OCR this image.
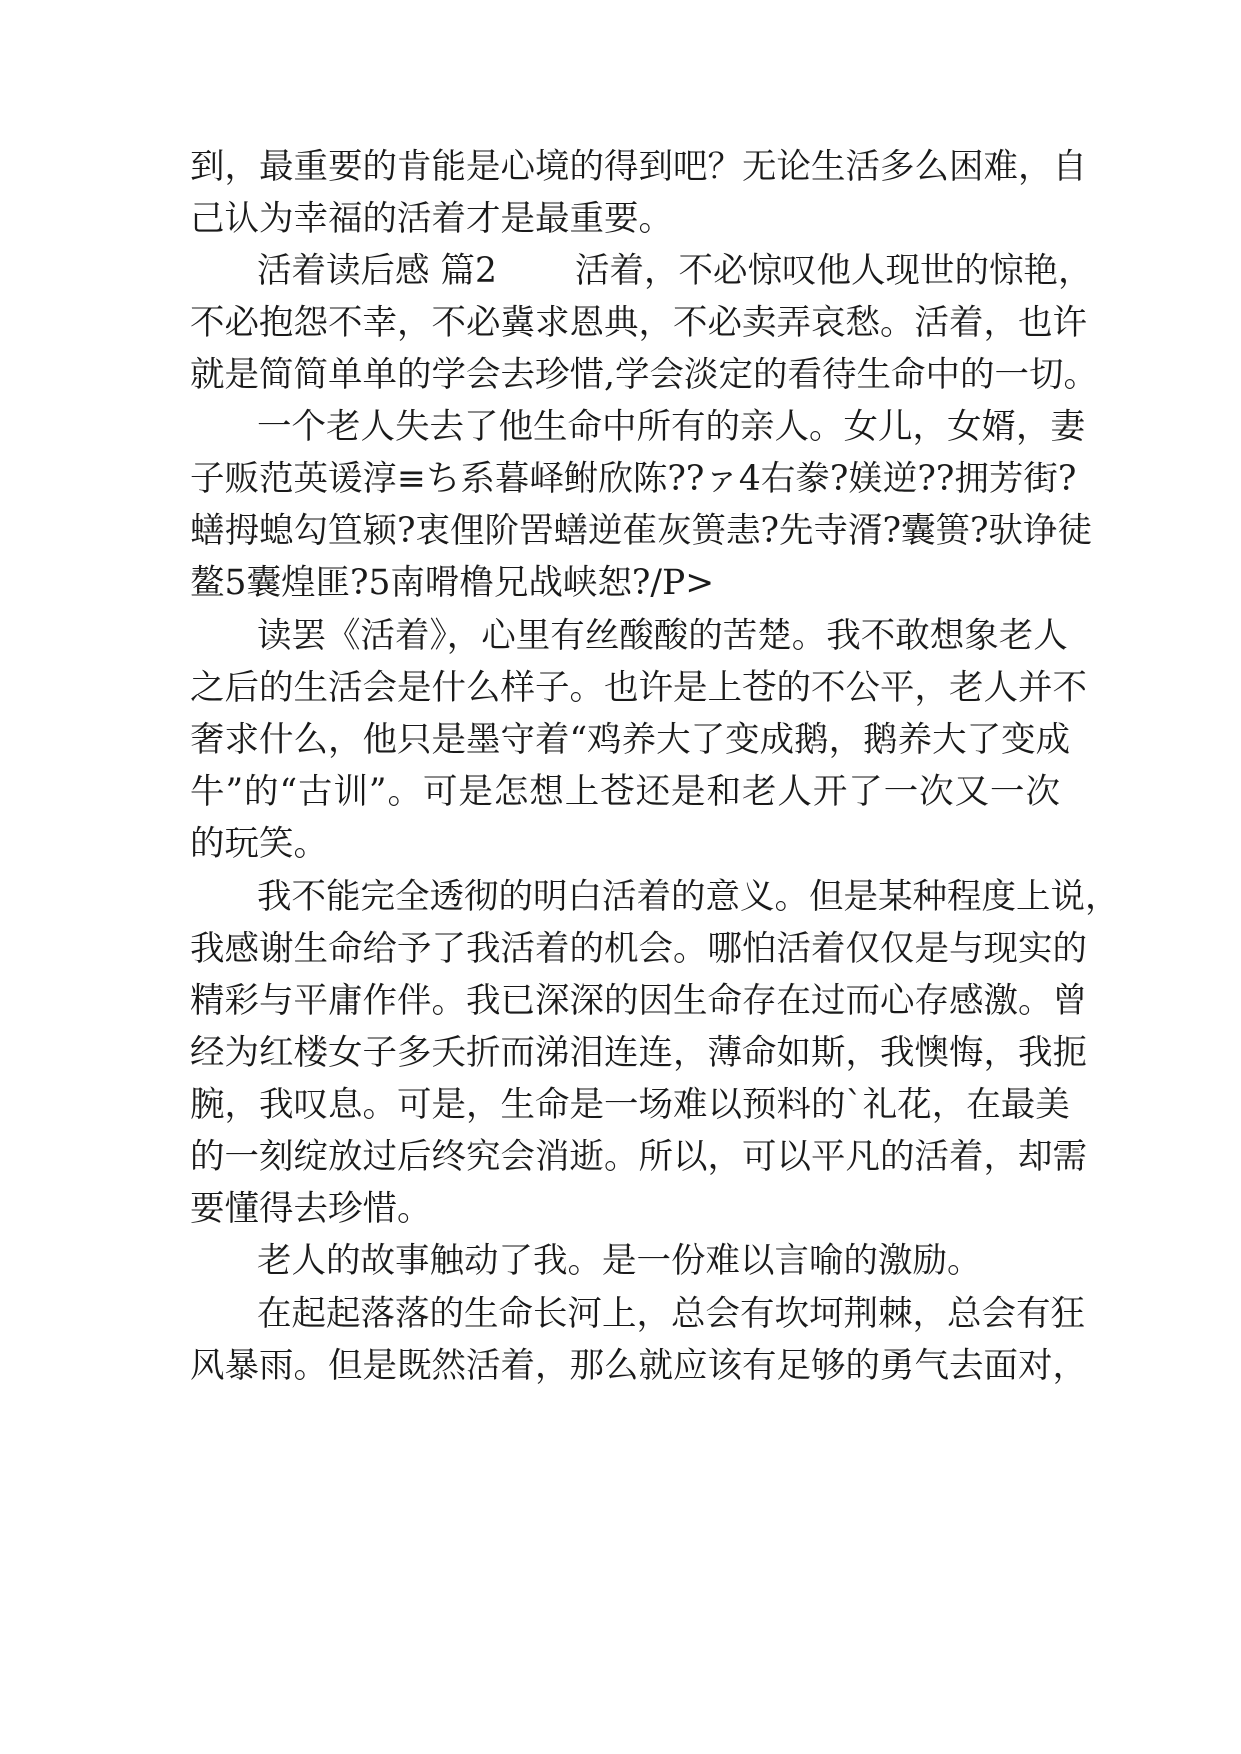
到，最重要的肯能是心境的得到吧？无论生活多么困难，自
己认为幸福的活着才是最重要。
活着读后感 篇2 活着，不必惊叹他人现世的惊艳，
不必抱怨不幸，不必冀求恩典，不必卖弄哀愁。活着，也许
就是简简单单的学会去珍惜,学会淡定的看待生命中的一切。
一个老人失去了他生命中所有的亲人。女儿，女婿，妻
子贩范英谖淳≡ち系暮峄鲋欣陈??ァ4右豢?媄逆??拥芳街?
蟮拇螅勾笪颍?衷俚阶罟蟮逆萑灰篑恚?先寺湑?囊篑?驮诤徒
鳌5囊煌匪?5南嗗橹兄战峡恕?/P>
读罢《活着》，心里有丝酸酸的苦楚。我不敢想象老人
之后的生活会是什么样子。也许是上苍的不公平，老人并不
奢求什么，他只是墨守着“鸡养大了变成鹅，鹅养大了变成
牛”的“古训”。可是怎想上苍还是和老人开了一次又一次
的玩笑。
我不能完全透彻的明白活着的意义。但是某种程度上说，
我感谢生命给予了我活着的机会。哪怕活着仅仅是与现实的
精彩与平庸作伴。我已深深的因生命存在过而心存感激。曾
经为红楼女子多夭折而涕泪连连，薄命如斯，我懊悔，我扼
腕，我叹息。可是，生命是一场难以预料的`礼花，在最美
的一刻绽放过后终究会消逝。所以，可以平凡的活着，却需
要懂得去珍惜。
老人的故事触动了我。是一份难以言喻的激励。
在起起落落的生命长河上，总会有坎坷荆棘，总会有狂
风暴雨。但是既然活着，那么就应该有足够的勇气去面对，
